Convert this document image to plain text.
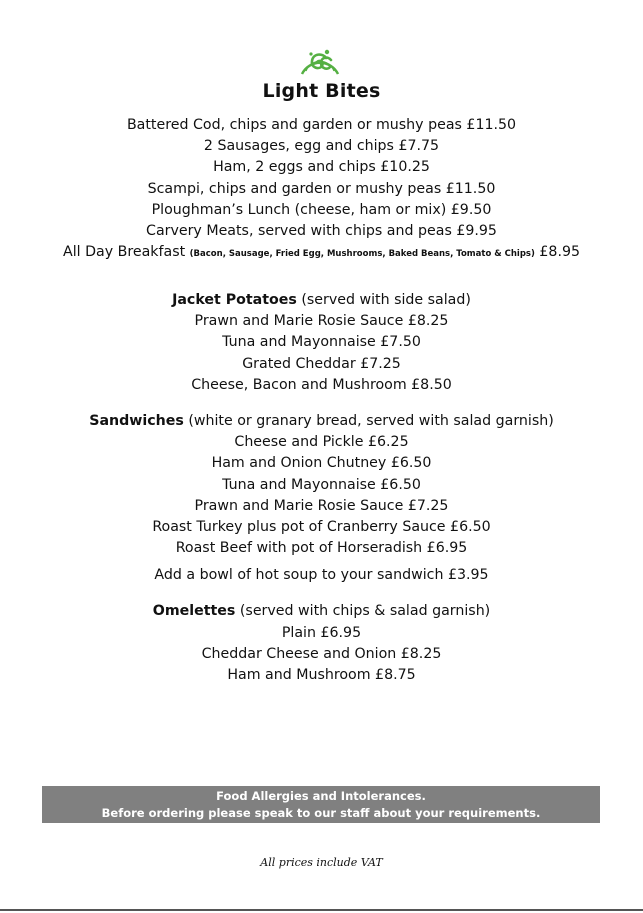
Light Bites
Battered Cod, chips and garden or mushy peas £11.50
2 Sausages, egg and chips £7.75
Ham, 2 eggs and chips £10.25
Scampi, chips and garden or mushy peas £11.50
Ploughman’s Lunch (cheese, ham or mix) £9.50
Carvery Meats, served with chips and peas £9.95
All Day Breakfast (Bacon, Sausage, Fried Egg, Mushrooms, Baked Beans, Tomato & Chips) £8.95
Jacket Potatoes (served with side salad)
Prawn and Marie Rosie Sauce £8.25
Tuna and Mayonnaise £7.50
Grated Cheddar £7.25
Cheese, Bacon and Mushroom £8.50
Sandwiches (white or granary bread, served with salad garnish)
Cheese and Pickle £6.25
Ham and Onion Chutney £6.50
Tuna and Mayonnaise £6.50
Prawn and Marie Rosie Sauce £7.25
Roast Turkey plus pot of Cranberry Sauce £6.50
Roast Beef with pot of Horseradish £6.95
Add a bowl of hot soup to your sandwich £3.95
Omelettes (served with chips & salad garnish)
Plain £6.95
Cheddar Cheese and Onion £8.25
Ham and Mushroom £8.75
Food Allergies and Intolerances.
Before ordering please speak to our staff about your requirements.
All prices include VAT
